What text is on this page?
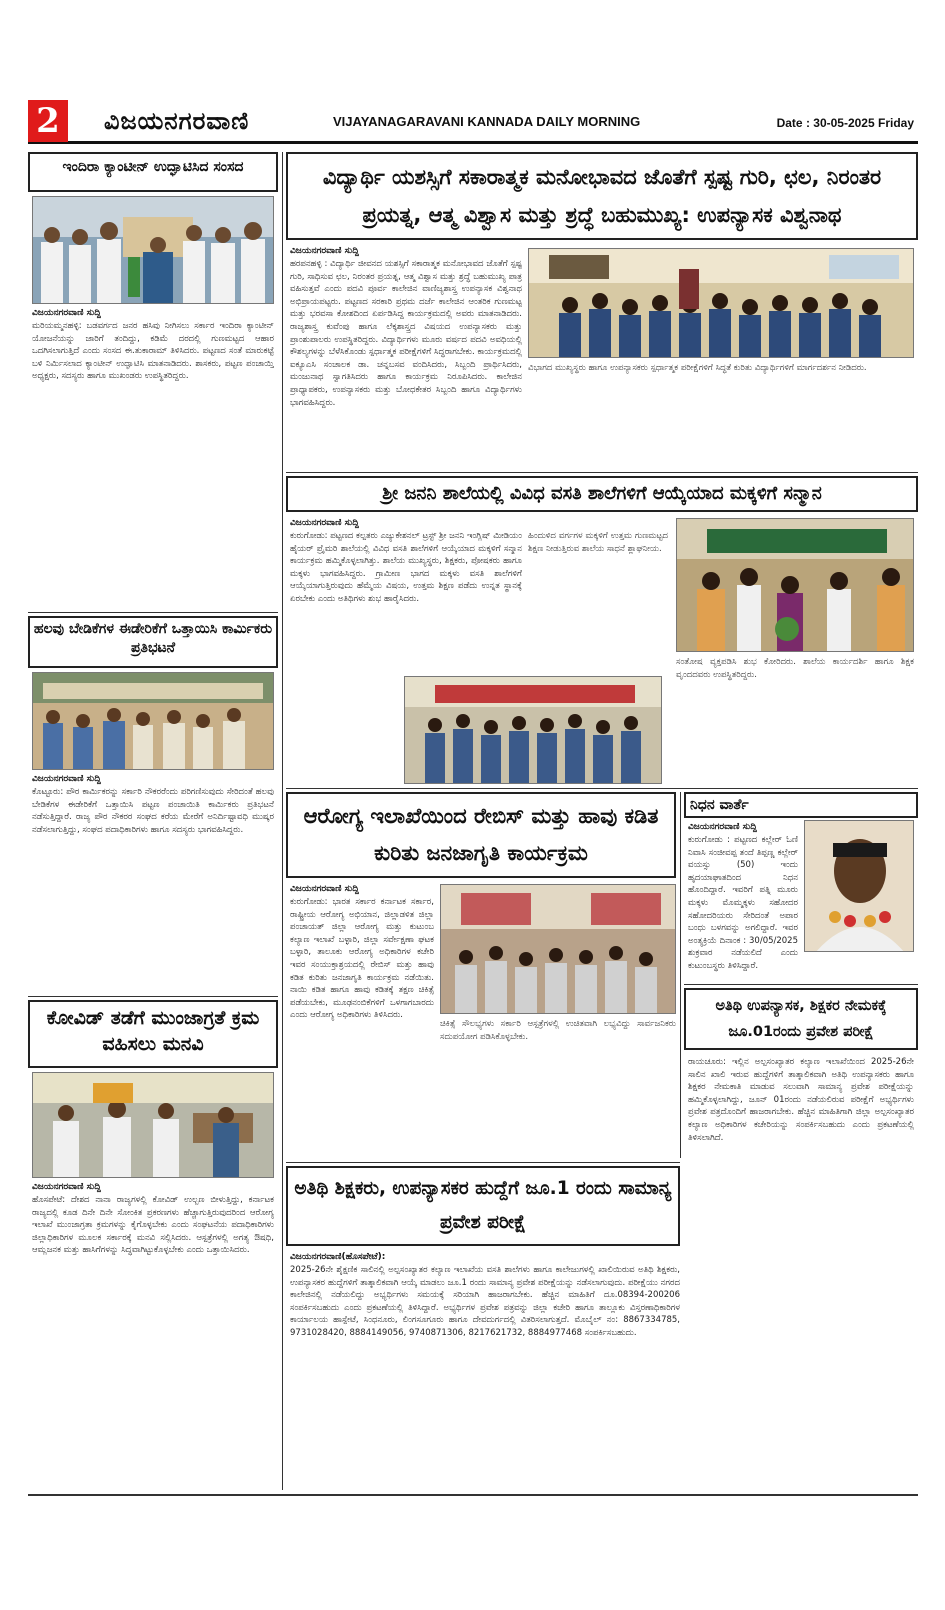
2	ವಿಜಯನಗರವಾಣಿ	VIJAYANAGARAVANI KANNADA DAILY MORNING	Date : 30-05-2025 Friday
ಇಂದಿರಾ ಕ್ಯಾಂಟೀನ್ ಉದ್ಘಾಟಿಸಿದ ಸಂಸದ
ವಿಜಯನಗರವಾಣಿ ಸುದ್ದಿ
ಮರಿಯಮ್ಮನಹಳ್ಳಿ: ಬಡವರ್ಗದ ಜನರ ಹಸಿವು ನೀಗಿಸಲು ಸರ್ಕಾರ ಇಂದಿರಾ ಕ್ಯಾಂಟೀನ್ ಯೋಜನೆಯನ್ನು ಜಾರಿಗೆ ತಂದಿದ್ದು, ಕಡಿಮೆ ದರದಲ್ಲಿ ಗುಣಮಟ್ಟದ ಆಹಾರ ಒದಗಿಸಲಾಗುತ್ತಿದೆ ಎಂದು ಸಂಸದ ಈ.ತುಕಾರಾಮ್ ತಿಳಿಸಿದರು. ಪಟ್ಟಣದ ಸಂತೆ ಮಾರುಕಟ್ಟೆ ಬಳಿ ನಿರ್ಮಿಸಲಾದ ಕ್ಯಾಂಟೀನ್ ಉದ್ಘಾಟಿಸಿ ಮಾತನಾಡಿದರು. ಶಾಸಕರು, ಪಟ್ಟಣ ಪಂಚಾಯ್ತಿ ಅಧ್ಯಕ್ಷರು, ಸದಸ್ಯರು ಹಾಗೂ ಮುಖಂಡರು ಉಪಸ್ಥಿತರಿದ್ದರು.
ಹಲವು ಬೇಡಿಕೆಗಳ ಈಡೇರಿಕೆಗೆ ಒತ್ತಾಯಿಸಿ ಕಾರ್ಮಿಕರು ಪ್ರತಿಭಟನೆ
ವಿಜಯನಗರವಾಣಿ ಸುದ್ದಿ
ಕೊಟ್ಟೂರು: ಪೌರ ಕಾರ್ಮಿಕರನ್ನು ಸರ್ಕಾರಿ ನೌಕರರೆಂದು ಪರಿಗಣಿಸುವುದು ಸೇರಿದಂತೆ ಹಲವು ಬೇಡಿಕೆಗಳ ಈಡೇರಿಕೆಗೆ ಒತ್ತಾಯಿಸಿ ಪಟ್ಟಣ ಪಂಚಾಯಿತಿ ಕಾರ್ಮಿಕರು ಪ್ರತಿಭಟನೆ ನಡೆಸುತ್ತಿದ್ದಾರೆ. ರಾಜ್ಯ ಪೌರ ನೌಕರರ ಸಂಘದ ಕರೆಯ ಮೇರೆಗೆ ಅನಿರ್ದಿಷ್ಟಾವಧಿ ಮುಷ್ಕರ ನಡೆಸಲಾಗುತ್ತಿದ್ದು, ಸಂಘದ ಪದಾಧಿಕಾರಿಗಳು ಹಾಗೂ ಸದಸ್ಯರು ಭಾಗವಹಿಸಿದ್ದರು.
ಕೋವಿಡ್ ತಡೆಗೆ ಮುಂಜಾಗ್ರತೆ ಕ್ರಮ ವಹಿಸಲು ಮನವಿ
ವಿಜಯನಗರವಾಣಿ ಸುದ್ದಿ
ಹೊಸಪೇಟೆ: ದೇಶದ ನಾನಾ ರಾಜ್ಯಗಳಲ್ಲಿ ಕೋವಿಡ್ ಉಲ್ಬಣ ಬೀಳುತ್ತಿದ್ದು, ಕರ್ನಾಟಕ ರಾಜ್ಯದಲ್ಲಿ ಕೂಡ ದಿನೇ ದಿನೇ ಸೋಂಕಿತ ಪ್ರಕರಣಗಳು ಹೆಚ್ಚಾಗುತ್ತಿರುವುದರಿಂದ ಆರೋಗ್ಯ ಇಲಾಖೆ ಮುಂಜಾಗ್ರತಾ ಕ್ರಮಗಳನ್ನು ಕೈಗೊಳ್ಳಬೇಕು ಎಂದು ಸಂಘಟನೆಯ ಪದಾಧಿಕಾರಿಗಳು ಜಿಲ್ಲಾಧಿಕಾರಿಗಳ ಮೂಲಕ ಸರ್ಕಾರಕ್ಕೆ ಮನವಿ ಸಲ್ಲಿಸಿದರು. ಆಸ್ಪತ್ರೆಗಳಲ್ಲಿ ಅಗತ್ಯ ಔಷಧಿ, ಆಮ್ಲಜನಕ ಮತ್ತು ಹಾಸಿಗೆಗಳನ್ನು ಸಿದ್ಧವಾಗಿಟ್ಟುಕೊಳ್ಳಬೇಕು ಎಂದು ಒತ್ತಾಯಿಸಿದರು.
ವಿದ್ಯಾರ್ಥಿ ಯಶಸ್ಸಿಗೆ ಸಕಾರಾತ್ಮಕ ಮನೋಭಾವದ ಜೊತೆಗೆ ಸ್ಪಷ್ಟ ಗುರಿ, ಛಲ, ನಿರಂತರ ಪ್ರಯತ್ನ, ಆತ್ಮ ವಿಶ್ವಾಸ ಮತ್ತು ಶ್ರದ್ಧೆ ಬಹುಮುಖ್ಯ: ಉಪನ್ಯಾಸಕ ವಿಶ್ವನಾಥ
ವಿಜಯನಗರವಾಣಿ ಸುದ್ದಿ
ಹರಪನಹಳ್ಳಿ : ವಿದ್ಯಾರ್ಥಿ ಜೀವನದ ಯಶಸ್ಸಿಗೆ ಸಕಾರಾತ್ಮಕ ಮನೋಭಾವದ ಜೊತೆಗೆ ಸ್ಪಷ್ಟ ಗುರಿ, ಸಾಧಿಸುವ ಛಲ, ನಿರಂತರ ಪ್ರಯತ್ನ, ಆತ್ಮ ವಿಶ್ವಾಸ ಮತ್ತು ಶ್ರದ್ಧೆ ಬಹುಮುಖ್ಯ ಪಾತ್ರ ವಹಿಸುತ್ತವೆ ಎಂದು ಪದವಿ ಪೂರ್ವ ಕಾಲೇಜಿನ ವಾಣಿಜ್ಯಶಾಸ್ತ್ರ ಉಪನ್ಯಾಸಕ ವಿಶ್ವನಾಥ ಅಭಿಪ್ರಾಯಪಟ್ಟರು. ಪಟ್ಟಣದ ಸರಕಾರಿ ಪ್ರಥಮ ದರ್ಜೆ ಕಾಲೇಜಿನ ಆಂತರಿಕ ಗುಣಮಟ್ಟ ಮತ್ತು ಭರವಸಾ ಕೋಶದಿಂದ ಏರ್ಪಡಿಸಿದ್ದ ಕಾರ್ಯಕ್ರಮದಲ್ಲಿ ಅವರು ಮಾತನಾಡಿದರು. ರಾಜ್ಯಶಾಸ್ತ್ರ ಕುವೆಂಪು ಹಾಗೂ ಲೆಕ್ಕಶಾಸ್ತ್ರದ ವಿಷಯದ ಉಪನ್ಯಾಸಕರು ಮತ್ತು ಪ್ರಾಂಶುಪಾಲರು ಉಪಸ್ಥಿತರಿದ್ದರು. ವಿದ್ಯಾರ್ಥಿಗಳು ಮೂರು ವರ್ಷದ ಪದವಿ ಅವಧಿಯಲ್ಲಿ ಕೌಶಲ್ಯಗಳನ್ನು ಬೆಳೆಸಿಕೊಂಡು ಸ್ಪರ್ಧಾತ್ಮಕ ಪರೀಕ್ಷೆಗಳಿಗೆ ಸಿದ್ಧರಾಗಬೇಕು. ಕಾರ್ಯಕ್ರಮದಲ್ಲಿ ಐಕ್ಯೂಎಸಿ ಸಂಚಾಲಕ ಡಾ. ಚನ್ನಬಸವ ವಂದಿಸಿದರು, ಸಿಬ್ಬಂದಿ ಪ್ರಾರ್ಥಿಸಿದರು, ಮಂಜುನಾಥ ಸ್ವಾಗತಿಸಿದರು ಹಾಗೂ ಕಾರ್ಯಕ್ರಮ ನಿರೂಪಿಸಿದರು. ಕಾಲೇಜಿನ ಪ್ರಾಧ್ಯಾಪಕರು, ಉಪನ್ಯಾಸಕರು ಮತ್ತು ಬೋಧಕೇತರ ಸಿಬ್ಬಂದಿ ಹಾಗೂ ವಿದ್ಯಾರ್ಥಿಗಳು ಭಾಗವಹಿಸಿದ್ದರು.
ವಿಭಾಗದ ಮುಖ್ಯಸ್ಥರು ಹಾಗೂ ಉಪನ್ಯಾಸಕರು ಸ್ಪರ್ಧಾತ್ಮಕ ಪರೀಕ್ಷೆಗಳಿಗೆ ಸಿದ್ಧತೆ ಕುರಿತು ವಿದ್ಯಾರ್ಥಿಗಳಿಗೆ ಮಾರ್ಗದರ್ಶನ ನೀಡಿದರು.
ಶ್ರೀ ಜನನಿ ಶಾಲೆಯಲ್ಲಿ ವಿವಿಧ ವಸತಿ ಶಾಲೆಗಳಿಗೆ ಆಯ್ಕೆಯಾದ ಮಕ್ಕಳಿಗೆ ಸನ್ಮಾನ
ವಿಜಯನಗರವಾಣಿ ಸುದ್ದಿ
ಕುರುಗೋಡು: ಪಟ್ಟಣದ ಕಲ್ಪತರು ಎಜ್ಯುಕೇಶನಲ್ ಟ್ರಸ್ಟ್ ಶ್ರೀ ಜನನಿ ಇಂಗ್ಲಿಷ್ ಮೀಡಿಯಂ ಹೈಯರ್ ಪ್ರೈಮರಿ ಶಾಲೆಯಲ್ಲಿ ವಿವಿಧ ವಸತಿ ಶಾಲೆಗಳಿಗೆ ಆಯ್ಕೆಯಾದ ಮಕ್ಕಳಿಗೆ ಸನ್ಮಾನ ಕಾರ್ಯಕ್ರಮ ಹಮ್ಮಿಕೊಳ್ಳಲಾಗಿತ್ತು. ಶಾಲೆಯ ಮುಖ್ಯಸ್ಥರು, ಶಿಕ್ಷಕರು, ಪೋಷಕರು ಹಾಗೂ ಮಕ್ಕಳು ಭಾಗವಹಿಸಿದ್ದರು. ಗ್ರಾಮೀಣ ಭಾಗದ ಮಕ್ಕಳು ವಸತಿ ಶಾಲೆಗಳಿಗೆ ಆಯ್ಕೆಯಾಗುತ್ತಿರುವುದು ಹೆಮ್ಮೆಯ ವಿಷಯ, ಉತ್ತಮ ಶಿಕ್ಷಣ ಪಡೆದು ಉನ್ನತ ಸ್ಥಾನಕ್ಕೆ ಏರಬೇಕು ಎಂದು ಅತಿಥಿಗಳು ಶುಭ ಹಾರೈಸಿದರು.
ಹಿಂದುಳಿದ ವರ್ಗಗಳ ಮಕ್ಕಳಿಗೆ ಉತ್ತಮ ಗುಣಮಟ್ಟದ ಶಿಕ್ಷಣ ನೀಡುತ್ತಿರುವ ಶಾಲೆಯ ಸಾಧನೆ ಶ್ಲಾಘನೀಯ.
ಸಂತೋಷ ವ್ಯಕ್ತಪಡಿಸಿ ಶುಭ ಕೋರಿದರು. ಶಾಲೆಯ ಕಾರ್ಯದರ್ಶಿ ಹಾಗೂ ಶಿಕ್ಷಕ ವೃಂದದವರು ಉಪಸ್ಥಿತರಿದ್ದರು.
ಆರೋಗ್ಯ ಇಲಾಖೆಯಿಂದ ರೇಬಿಸ್ ಮತ್ತು ಹಾವು ಕಡಿತ ಕುರಿತು ಜನಜಾಗೃತಿ ಕಾರ್ಯಕ್ರಮ
ವಿಜಯನಗರವಾಣಿ ಸುದ್ದಿ
ಕುರುಗೋಡು: ಭಾರತ ಸರ್ಕಾರ ಕರ್ನಾಟಕ ಸರ್ಕಾರ, ರಾಷ್ಟ್ರೀಯ ಆರೋಗ್ಯ ಅಭಿಯಾನ, ಜಿಲ್ಲಾಡಳಿತ ಜಿಲ್ಲಾ ಪಂಚಾಯತ್ ಜಿಲ್ಲಾ ಆರೋಗ್ಯ ಮತ್ತು ಕುಟುಂಬ ಕಲ್ಯಾಣ ಇಲಾಖೆ ಬಳ್ಳಾರಿ, ಜಿಲ್ಲಾ ಸರ್ವೇಕ್ಷಣಾ ಘಟಕ ಬಳ್ಳಾರಿ, ತಾಲೂಕು ಆರೋಗ್ಯ ಅಧಿಕಾರಿಗಳ ಕಚೇರಿ ಇವರ ಸಂಯುಕ್ತಾಶ್ರಯದಲ್ಲಿ ರೇಬಿಸ್ ಮತ್ತು ಹಾವು ಕಡಿತ ಕುರಿತು ಜನಜಾಗೃತಿ ಕಾರ್ಯಕ್ರಮ ನಡೆಯಿತು. ನಾಯಿ ಕಡಿತ ಹಾಗೂ ಹಾವು ಕಡಿತಕ್ಕೆ ತಕ್ಷಣ ಚಿಕಿತ್ಸೆ ಪಡೆಯಬೇಕು, ಮೂಢನಂಬಿಕೆಗಳಿಗೆ ಒಳಗಾಗಬಾರದು ಎಂದು ಆರೋಗ್ಯ ಅಧಿಕಾರಿಗಳು ತಿಳಿಸಿದರು.
ಚಿಕಿತ್ಸೆ ಸೌಲಭ್ಯಗಳು ಸರ್ಕಾರಿ ಆಸ್ಪತ್ರೆಗಳಲ್ಲಿ ಉಚಿತವಾಗಿ ಲಭ್ಯವಿದ್ದು ಸಾರ್ವಜನಿಕರು ಸದುಪಯೋಗ ಪಡಿಸಿಕೊಳ್ಳಬೇಕು.
ನಿಧನ ವಾರ್ತೆ
ವಿಜಯನಗರವಾಣಿ ಸುದ್ದಿ
ಕುರುಗೋಡು : ಪಟ್ಟಣದ ಕಲ್ಲೇರ್ ಓಣಿ ನಿವಾಸಿ ಸಂಜೀವಪ್ಪ ತಂದೆ ತಿಪ್ಪಣ್ಣ ಕಲ್ಲೇರ್ ವಯಸ್ಸು (50) ಇಂದು ಹೃದಯಾಘಾತದಿಂದ ನಿಧನ ಹೊಂದಿದ್ದಾರೆ. ಇವರಿಗೆ ಪತ್ನಿ ಮೂರು ಮಕ್ಕಳು ಮೊಮ್ಮಕ್ಕಳು ಸಹೋದರ ಸಹೋದರಿಯರು ಸೇರಿದಂತೆ ಅಪಾರ ಬಂಧು ಬಳಗವನ್ನು ಅಗಲಿದ್ದಾರೆ. ಇವರ ಅಂತ್ಯಕ್ರಿಯೆ ದಿನಾಂಕ : 30/05/2025 ಶುಕ್ರವಾರ ನಡೆಯಲಿದೆ ಎಂದು ಕುಟುಂಬಸ್ಥರು ತಿಳಿಸಿದ್ದಾರೆ.
ಅತಿಥಿ ಉಪನ್ಯಾಸಕ, ಶಿಕ್ಷಕರ ನೇಮಕಕ್ಕೆ ಜೂ.01ರಂದು ಪ್ರವೇಶ ಪರೀಕ್ಷೆ
ರಾಯಚೂರು: ಇಲ್ಲಿನ ಅಲ್ಪಸಂಖ್ಯಾತರ ಕಲ್ಯಾಣ ಇಲಾಖೆಯಿಂದ 2025-26ನೇ ಸಾಲಿನ ಖಾಲಿ ಇರುವ ಹುದ್ದೆಗಳಿಗೆ ತಾತ್ಕಾಲಿಕವಾಗಿ ಅತಿಥಿ ಉಪನ್ಯಾಸಕರು ಹಾಗೂ ಶಿಕ್ಷಕರ ನೇಮಕಾತಿ ಮಾಡುವ ಸಲುವಾಗಿ ಸಾಮಾನ್ಯ ಪ್ರವೇಶ ಪರೀಕ್ಷೆಯನ್ನು ಹಮ್ಮಿಕೊಳ್ಳಲಾಗಿದ್ದು, ಜೂನ್ 01ರಂದು ನಡೆಯಲಿರುವ ಪರೀಕ್ಷೆಗೆ ಅಭ್ಯರ್ಥಿಗಳು ಪ್ರವೇಶ ಪತ್ರದೊಂದಿಗೆ ಹಾಜರಾಗಬೇಕು. ಹೆಚ್ಚಿನ ಮಾಹಿತಿಗಾಗಿ ಜಿಲ್ಲಾ ಅಲ್ಪಸಂಖ್ಯಾತರ ಕಲ್ಯಾಣ ಅಧಿಕಾರಿಗಳ ಕಚೇರಿಯನ್ನು ಸಂಪರ್ಕಿಸಬಹುದು ಎಂದು ಪ್ರಕಟಣೆಯಲ್ಲಿ ತಿಳಿಸಲಾಗಿದೆ.
ಅತಿಥಿ ಶಿಕ್ಷಕರು, ಉಪನ್ಯಾಸಕರ ಹುದ್ದೆಗೆ ಜೂ.1 ರಂದು ಸಾಮಾನ್ಯ ಪ್ರವೇಶ ಪರೀಕ್ಷೆ
ವಿಜಯನಗರವಾಣಿ(ಹೊಸಪೇಟೆ):
2025-26ನೇ ಶೈಕ್ಷಣಿಕ ಸಾಲಿನಲ್ಲಿ ಅಲ್ಪಸಂಖ್ಯಾತರ ಕಲ್ಯಾಣ ಇಲಾಖೆಯ ವಸತಿ ಶಾಲೆಗಳು ಹಾಗೂ ಕಾಲೇಜುಗಳಲ್ಲಿ ಖಾಲಿಯಿರುವ ಅತಿಥಿ ಶಿಕ್ಷಕರು, ಉಪನ್ಯಾಸಕರ ಹುದ್ದೆಗಳಿಗೆ ತಾತ್ಕಾಲಿಕವಾಗಿ ಆಯ್ಕೆ ಮಾಡಲು ಜೂ.1 ರಂದು ಸಾಮಾನ್ಯ ಪ್ರವೇಶ ಪರೀಕ್ಷೆಯನ್ನು ನಡೆಸಲಾಗುವುದು. ಪರೀಕ್ಷೆಯು ನಗರದ ಕಾಲೇಜಿನಲ್ಲಿ ನಡೆಯಲಿದ್ದು ಅಭ್ಯರ್ಥಿಗಳು ಸಮಯಕ್ಕೆ ಸರಿಯಾಗಿ ಹಾಜರಾಗಬೇಕು. ಹೆಚ್ಚಿನ ಮಾಹಿತಿಗೆ ದೂ.08394-200206 ಸಂಪರ್ಕಿಸಬಹುದು ಎಂದು ಪ್ರಕಟಣೆಯಲ್ಲಿ ತಿಳಿಸಿದ್ದಾರೆ. ಅಭ್ಯರ್ಥಿಗಳ ಪ್ರವೇಶ ಪತ್ರವನ್ನು ಜಿಲ್ಲಾ ಕಚೇರಿ ಹಾಗೂ ತಾಲ್ಲೂಕು ವಿಸ್ತರಣಾಧಿಕಾರಿಗಳ ಕಾರ್ಯಾಲಯ ಹಾಸ್ಪೇಟೆ, ಸಿಂಧನೂರು, ಲಿಂಗಸೂಗೂರು ಹಾಗೂ ದೇವದುರ್ಗದಲ್ಲಿ ವಿತರಿಸಲಾಗುತ್ತದೆ. ಮೊಬೈಲ್ ನಂ: 8867334785, 9731028420, 8884149056, 9740871306, 8217621732, 8884977468 ಸಂಪರ್ಕಿಸಬಹುದು.
